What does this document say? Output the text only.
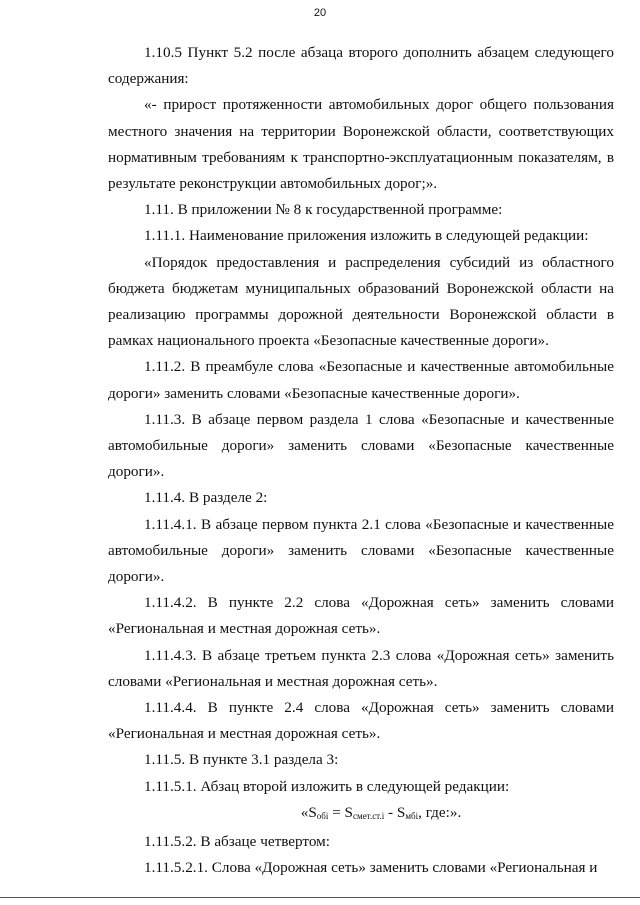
20

1.10.5 Пункт 5.2 после абзаца второго дополнить абзацем следующего содержания:

«- прирост протяженности автомобильных дорог общего пользования местного значения на территории Воронежской области, соответствующих нормативным требованиям к транспортно-эксплуатационным показателям, в результате реконструкции автомобильных дорог;».

1.11. В приложении № 8 к государственной программе:

1.11.1. Наименование приложения изложить в следующей редакции:

«Порядок предоставления и распределения субсидий из областного бюджета бюджетам муниципальных образований Воронежской области на реализацию программы дорожной деятельности Воронежской области в рамках национального проекта «Безопасные качественные дороги».

1.11.2. В преамбуле слова «Безопасные и качественные автомобильные дороги» заменить словами «Безопасные качественные дороги».

1.11.3. В абзаце первом раздела 1 слова «Безопасные и качественные автомобильные дороги» заменить словами «Безопасные качественные дороги».

1.11.4. В разделе 2:

1.11.4.1. В абзаце первом пункта 2.1 слова «Безопасные и качественные автомобильные дороги» заменить словами «Безопасные качественные дороги».

1.11.4.2. В пункте 2.2 слова «Дорожная сеть» заменить словами «Региональная и местная дорожная сеть».

1.11.4.3. В абзаце третьем пункта 2.3 слова «Дорожная сеть» заменить словами «Региональная и местная дорожная сеть».

1.11.4.4. В пункте 2.4 слова «Дорожная сеть» заменить словами «Региональная и местная дорожная сеть».

1.11.5. В пункте 3.1 раздела 3:

1.11.5.1. Абзац второй изложить в следующей редакции:

«$S_{обi} = S_{смет.ст.i} - S_{мбi}$, где:».

1.11.5.2. В абзаце четвертом:

1.11.5.2.1. Слова «Дорожная сеть» заменить словами «Региональная и
